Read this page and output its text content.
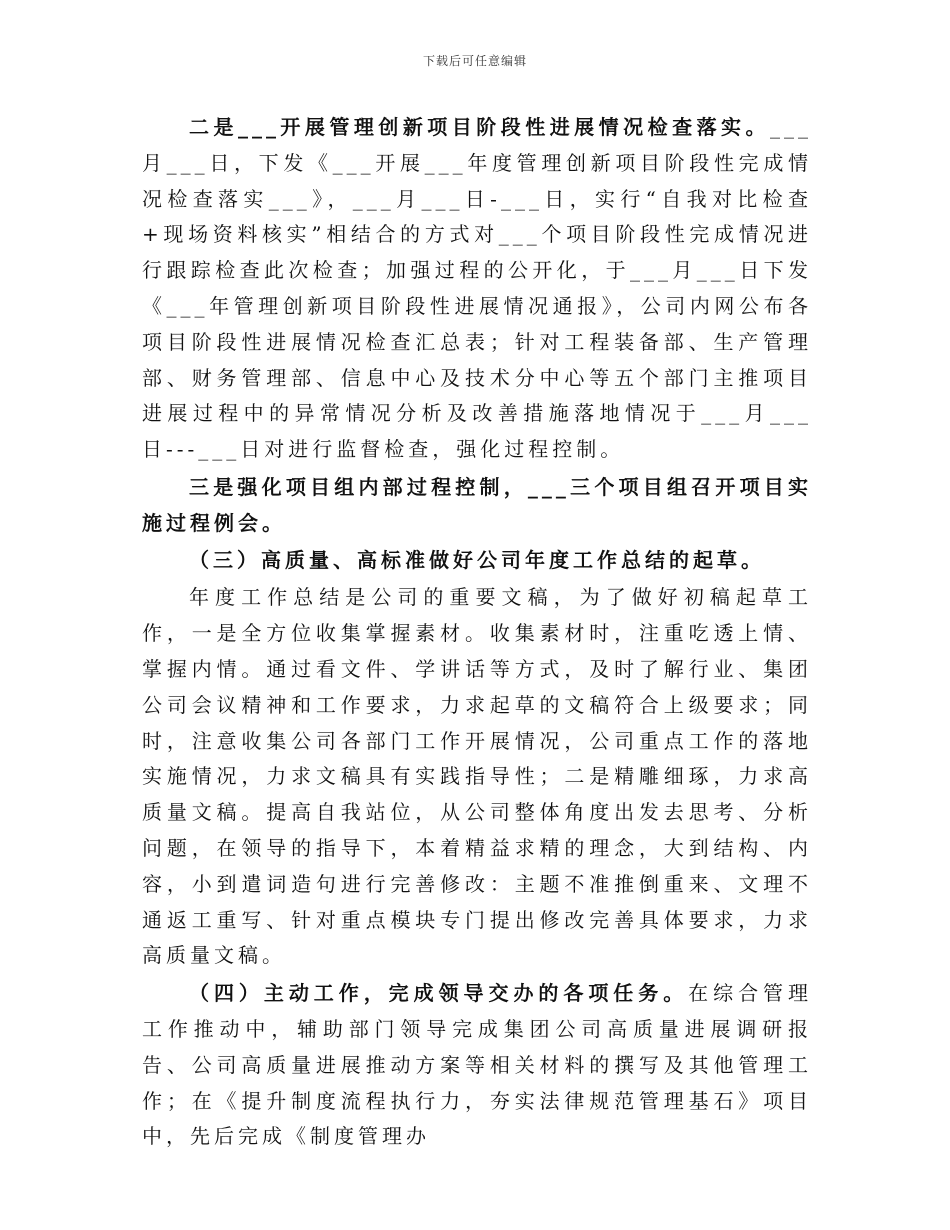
下载后可任意编辑

二是___开展管理创新项目阶段性进展情况检查落实。___月___日，下发《___开展___年度管理创新项目阶段性完成情况检查落实___》，___月___日-___日，实行“自我对比检查+现场资料核实”相结合的方式对___个项目阶段性完成情况进行跟踪检查此次检查；加强过程的公开化，于___月___日下发《___年管理创新项目阶段性进展情况通报》，公司内网公布各项目阶段性进展情况检查汇总表；针对工程装备部、生产管理部、财务管理部、信息中心及技术分中心等五个部门主推项目进展过程中的异常情况分析及改善措施落地情况于___月___日---___日对进行监督检查，强化过程控制。

三是强化项目组内部过程控制，___三个项目组召开项目实施过程例会。

（三）高质量、高标准做好公司年度工作总结的起草。

年度工作总结是公司的重要文稿，为了做好初稿起草工作，一是全方位收集掌握素材。收集素材时，注重吃透上情、掌握内情。通过看文件、学讲话等方式，及时了解行业、集团公司会议精神和工作要求，力求起草的文稿符合上级要求；同时，注意收集公司各部门工作开展情况，公司重点工作的落地实施情况，力求文稿具有实践指导性；二是精雕细琢，力求高质量文稿。提高自我站位，从公司整体角度出发去思考、分析问题，在领导的指导下，本着精益求精的理念，大到结构、内容，小到遣词造句进行完善修改：主题不准推倒重来、文理不通返工重写、针对重点模块专门提出修改完善具体要求，力求高质量文稿。

（四）主动工作，完成领导交办的各项任务。在综合管理工作推动中，辅助部门领导完成集团公司高质量进展调研报告、公司高质量进展推动方案等相关材料的撰写及其他管理工作；在《提升制度流程执行力，夯实法律规范管理基石》项目中，先后完成《制度管理办
